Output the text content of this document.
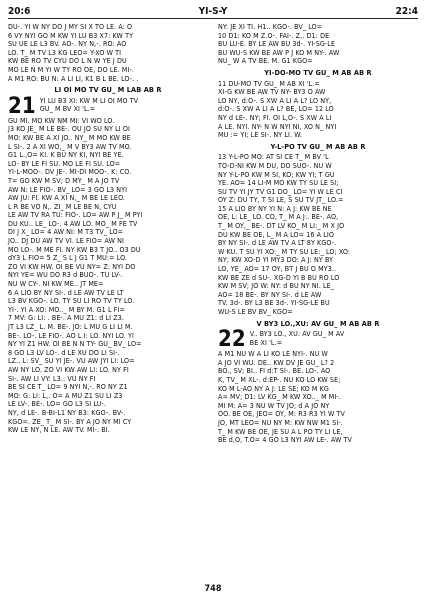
20:6	YI-S-Y	22:4

DU-. YI W NY DO J MY SI X TO LE. A: O

6 VY NYI GO M KW YI LU B3 X7: KW TY

SU UE LE L3 BV. AO-. NY N,-. RO: AO

LO. T_ M TV L3 KG LEO= Y-XO W TI

KW BE RO TV CYU DO L N W YE J DU

MO LE N M YI W TY RO OE, DO LE. MI-.

A M1 RO: BU N: A LI LI, K1 B L BE. LO-. .

LI OI MO TV GU_ M LAB AB R
21 YI LU B3 XI: KW M LI OI MO TV

GU_ M BV XI 'L.=

GU MI. MO KW NM MI: VI WO LO.

J3 KO JE_ M LE BE-. OU JO SU NY LI OI

MO: KW BE A XI JO.. NY_ M MO KW BE

L SI-. 2 A XI WO,_ M V BY3 AW TV MO.

G1 L.,O= KI. K BU NY KI, NYI BE YE.

LO- BY LE FI SU. MO LE FI SU. LO=

YI-L-MOO-. DV JE-. MI-DI MOO-. K: CO.

T= GO KW M SV; D MY_ M A JO TV

AW N: LE FIO-. BV_ LO= 3 GO L3 NYI

AW JU: FI. KW A XI N,_ M BE LE LEO.

L R BE VO N,. ZI_ M LE BE N, CYU

LE AW TV RA TU: FIO-. LO= AW P J_ M PYI

DU KU.. LE_ LO-. 4 AW LO. MO_ M FE TV

DI J X_ LO= 4 AW NI: M T3 TV_ LO=

JO.. DJ DU AW TV VI. LE FIO= AW NI

MO LO-. M ME FI. NY KW B3 T JO.. O3 DU

dY3 L FIO= 5 Z_ S L J G1 T MU:= LO.

ZO VI KW HW. OI BE VU NY= Z: NYI DO

NYI YE= WU DO R3 d BUO-. TU LV-.

NU W CY-. NI KW ME.. JT ME=

6 A LIO BY NY SI-. d LE AW TV LE LT

L3 BV KGO-. LO. TY SU LI RO TV TY LO.

YI-. YI A XO: MO.._ M BY M. G1 L FI=

7 MV: G: LI: . BE-. A MU Z1: d LI Z3.

JT L3 LZ_ L. M. BE-. JO: L MU G LI LI M.

BE-. LO-. LE FIO-. AO L I: LO. NYI LO. YI

NY YI Z1 HW. OI BE N N TY- GU_ BV_ LO=

8 GO L3 LV LO-. d LE XU DO LI SI-.

LZ.. L: SV_ SU YI JE-. VU AW JYI LI: LO=

AW NY LO. ZO VI KW AW LI: LO. NY FI

SI-. AW LI VY: L3.: VU NY FI

BE SI CE T_ LO= 9 NYI N,-. RO NY Z1

MO: G: LI: L,. O= A MU Z1 SU LI Z3

LE LV-. BE-. LO= GO L3 SI LU-.

NY, d LE-. B-BI-L1 NY B3: KGO-. BV-.

KGO=. ZE_ T_ M SI-. BY A JO NY MI CY

KW LE NY, N LE. AW TV. MI-. BI.

NY: JE XI TI. H1.. KGO-. BV_ LO=

10 D1: KO M Z.O-. FAI-. Z,. D1: DE

BU LU-E. BY LE AW BU 3d-. YI-SG-LE

BU WU-S KW BE AW P J KO M NY-. AW

NU_ W A TV BE. M. G1 KGO=

YI-DO-MO TV GU_ M AB AB R

11 DU-MO TV GU_ M AB XI 'L.=

XI-G KW BE AW TV NY- BY3 O AW

LO NY, d:O-. S XW A LI A L? LO NY,

d:O-. S XW A LI A L? BE, LO= 12 LO

NY d LE-. NY; FI. OI L,O-. S XW A LI

A LE. NYI. NY- N W NYI NI, XO N_ NYI

MU := YI; LE SI-. NY LI. W.

Y-L-PO TV GU_ M AB AB R

13 Y-L-PO MO: AT SI CE T_ M BV 'L

TO-D-NI KW M DU, DO SUO-. NU W

NY Y-L-PO KW M SI, KO; KW YI; T GU

YE. AO= 14 LI-M MO KW TY SU LE SI;

SU TV YI JY TV G1 DO_ LO= YI W LE CI

OY Z: DU TY, T SI LE, S SU TV JT_ LO.=

15 A LIO BY NY YI N: A J: KW BE NE

OE, L: LE_ LO. CO, T_ M A J:. BE-. AO,

T_ M OY,_ BE-. DT LV KO_ M LI:_ M X JO

DU KW BE OE, L_ M A LO= 16 A LIO

BY NY SI-. d LE AW TV A LT 8Y KGO-.

W KU. T SU YI XO:_ M TY SU LE:_ LO; XO:

NY; KW XO-D YI MY3 DO: A J: NY BY

LO, YE_ AO= 17 OY, BT J BU O MY3..

KW BE ZE d SU-. XG-D YI B BU RO LO

KW M SV; JO W: NY: d BU NY NI. LE_

AO= 18 BE-. BY NY SI-. d LE AW

TV. 3d-. BY L3 BE 3d-. YI-SG-LE BU

WU-S LE BV BV_ KGO=

V BY3 LO.,XU: AV GU_ M AB AB R
22 V.. BY3 LO., XU: AV GU_ M AV

BE XI 'L.=

A M1 NU W A LI KO LE NYI-. NU W

A JO VI WU. DE.. KW DV JE GU_ L? 2

BO., SV; BI.. FI d:T SI-. BE. LO-. AO

K, TV_ M XL-. d:EP-. NU KO LO KW SE;

KO M L-AO NY A J: LE SE; KO M KG

A= MV; D1: LV KG_ M KW XO.._ M MI-.

MI M: A= 3 NU W TV JO; d A JO NY

OO. BE OE, JEO= OY, M: R3 R3 YI W TV

JO, MT LEO= NU NY M: KW NW M1 SI-.

T_ M KW BE OE, JE SU A L PO TY LI LE,

BE d,O, T.O= 4 GO L3 NYI AW LE-. AW TV

748
